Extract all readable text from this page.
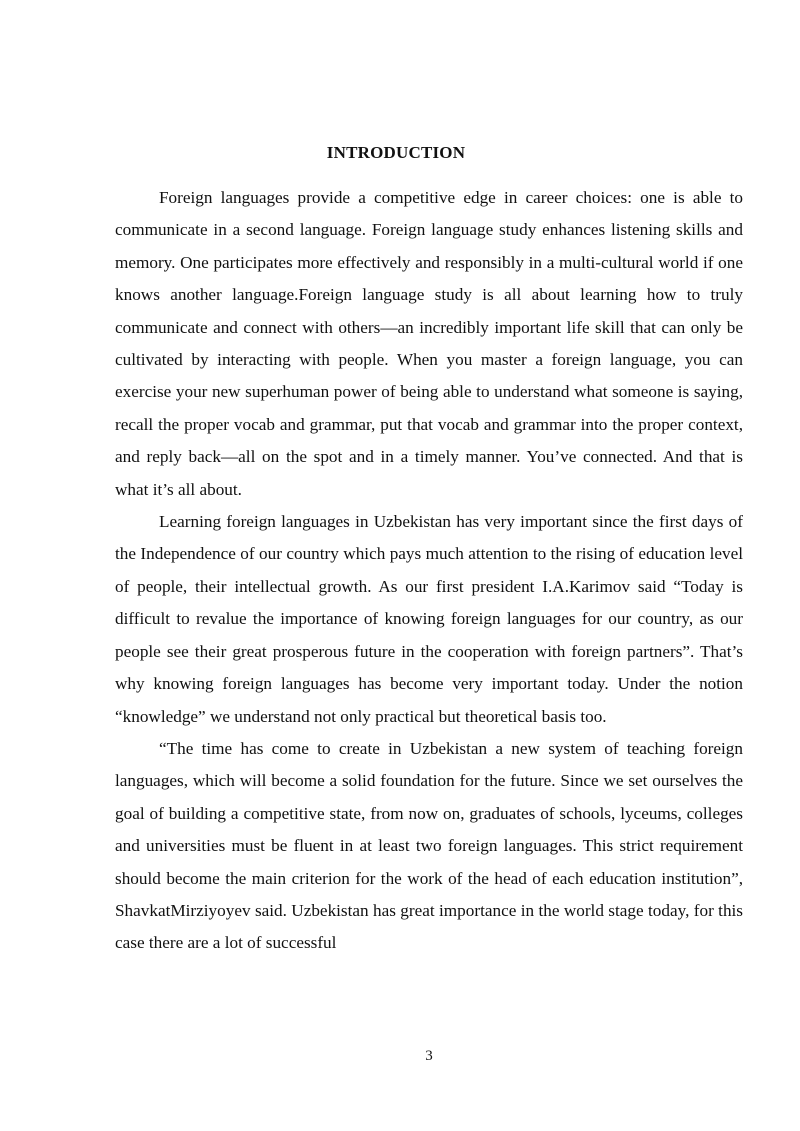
INTRODUCTION

Foreign languages provide a competitive edge in career choices: one is able to communicate in a second language. Foreign language study enhances listening skills and memory. One participates more effectively and responsibly in a multi-cultural world if one knows another language.Foreign language study is all about learning how to truly communicate and connect with others—an incredibly important life skill that can only be cultivated by interacting with people. When you master a foreign language, you can exercise your new superhuman power of being able to understand what someone is saying, recall the proper vocab and grammar, put that vocab and grammar into the proper context, and reply back—all on the spot and in a timely manner. You’ve connected. And that is what it’s all about.

Learning foreign languages in Uzbekistan has very important since the first days of the Independence of our country which pays much attention to the rising of education level of people, their intellectual growth. As our first president I.A.Karimov said “Today is difficult to revalue the importance of knowing foreign languages for our country, as our people see their great prosperous future in the cooperation with foreign partners”. That’s why knowing foreign languages has become very important today. Under the notion “knowledge” we understand not only practical but theoretical basis too.

“The time has come to create in Uzbekistan a new system of teaching foreign languages, which will become a solid foundation for the future. Since we set ourselves the goal of building a competitive state, from now on, graduates of schools, lyceums, colleges and universities must be fluent in at least two foreign languages. This strict requirement should become the main criterion for the work of the head of each education institution”, ShavkatMirziyoyev said. Uzbekistan has great importance in the world stage today, for this case there are a lot of successful

3
